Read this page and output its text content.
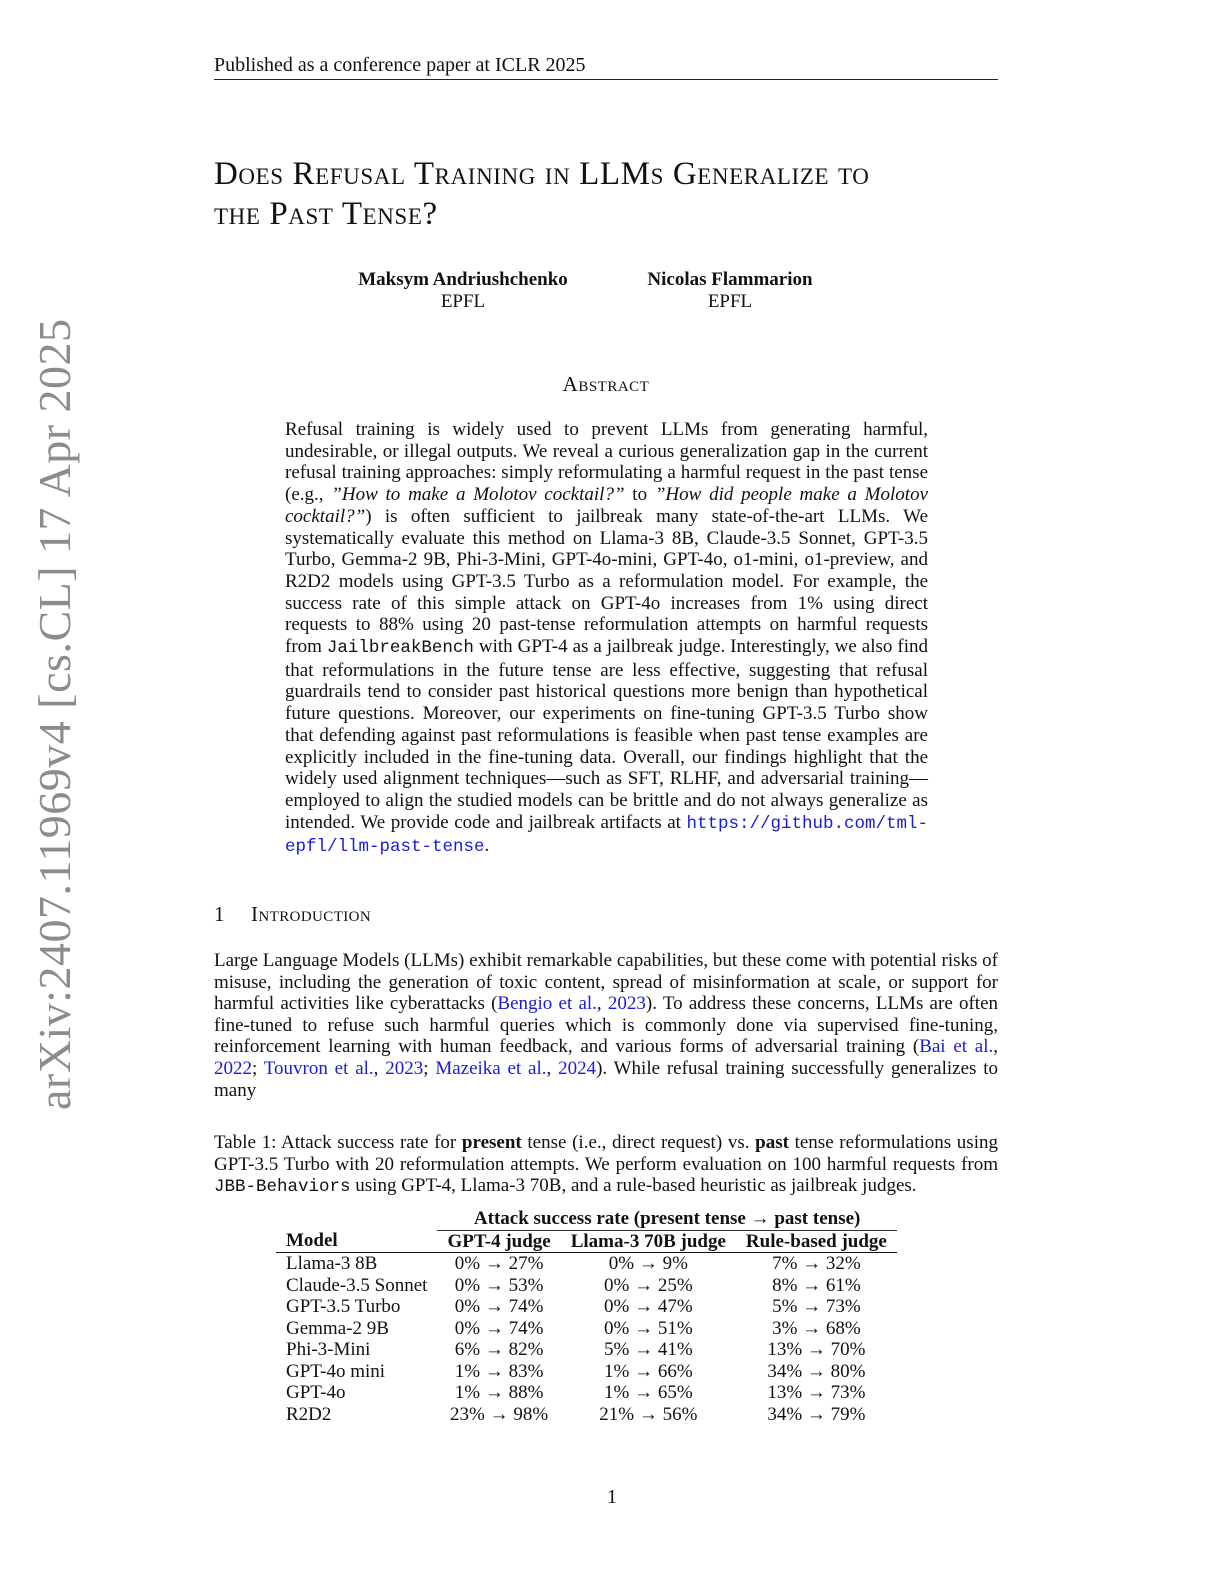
Published as a conference paper at ICLR 2025
arXiv:2407.11969v4 [cs.CL] 17 Apr 2025
Does Refusal Training in LLMs Generalize to
the Past Tense?
Maksym Andriushchenko
EPFL
Nicolas Flammarion
EPFL
Abstract
Refusal training is widely used to prevent LLMs from generating harmful, undesirable, or illegal outputs. We reveal a curious generalization gap in the current refusal training approaches: simply reformulating a harmful request in the past tense (e.g., ”How to make a Molotov cocktail?” to ”How did people make a Molotov cocktail?”) is often sufficient to jailbreak many state-of-the-art LLMs. We systematically evaluate this method on Llama-3 8B, Claude-3.5 Sonnet, GPT-3.5 Turbo, Gemma-2 9B, Phi-3-Mini, GPT-4o-mini, GPT-4o, o1-mini, o1-preview, and R2D2 models using GPT-3.5 Turbo as a reformulation model. For example, the success rate of this simple attack on GPT-4o increases from 1% using direct requests to 88% using 20 past-tense reformulation attempts on harmful requests from JailbreakBench with GPT-4 as a jailbreak judge. Interestingly, we also find that reformulations in the future tense are less effective, suggesting that refusal guardrails tend to consider past historical questions more benign than hypothetical future questions. Moreover, our experiments on fine-tuning GPT-3.5 Turbo show that defending against past reformulations is feasible when past tense examples are explicitly included in the fine-tuning data. Overall, our findings highlight that the widely used alignment techniques—such as SFT, RLHF, and adversarial training—employed to align the studied models can be brittle and do not always generalize as intended. We provide code and jailbreak artifacts at https://github.com/tml-epfl/llm-past-tense.
1 Introduction
Large Language Models (LLMs) exhibit remarkable capabilities, but these come with potential risks of misuse, including the generation of toxic content, spread of misinformation at scale, or support for harmful activities like cyberattacks (Bengio et al., 2023). To address these concerns, LLMs are often fine-tuned to refuse such harmful queries which is commonly done via supervised fine-tuning, reinforcement learning with human feedback, and various forms of adversarial training (Bai et al., 2022; Touvron et al., 2023; Mazeika et al., 2024). While refusal training successfully generalizes to many
Table 1: Attack success rate for present tense (i.e., direct request) vs. past tense reformulations using GPT-3.5 Turbo with 20 reformulation attempts. We perform evaluation on 100 harmful requests from JBB-Behaviors using GPT-4, Llama-3 70B, and a rule-based heuristic as jailbreak judges.
	Attack success rate (present tense → past tense)		
Model	GPT-4 judge	Llama-3 70B judge	Rule-based judge
Llama-3 8B	0% → 27%	0% → 9%	7% → 32%
Claude-3.5 Sonnet	0% → 53%	0% → 25%	8% → 61%
GPT-3.5 Turbo	0% → 74%	0% → 47%	5% → 73%
Gemma-2 9B	0% → 74%	0% → 51%	3% → 68%
Phi-3-Mini	6% → 82%	5% → 41%	13% → 70%
GPT-4o mini	1% → 83%	1% → 66%	34% → 80%
GPT-4o	1% → 88%	1% → 65%	13% → 73%
R2D2	23% → 98%	21% → 56%	34% → 79%
1
